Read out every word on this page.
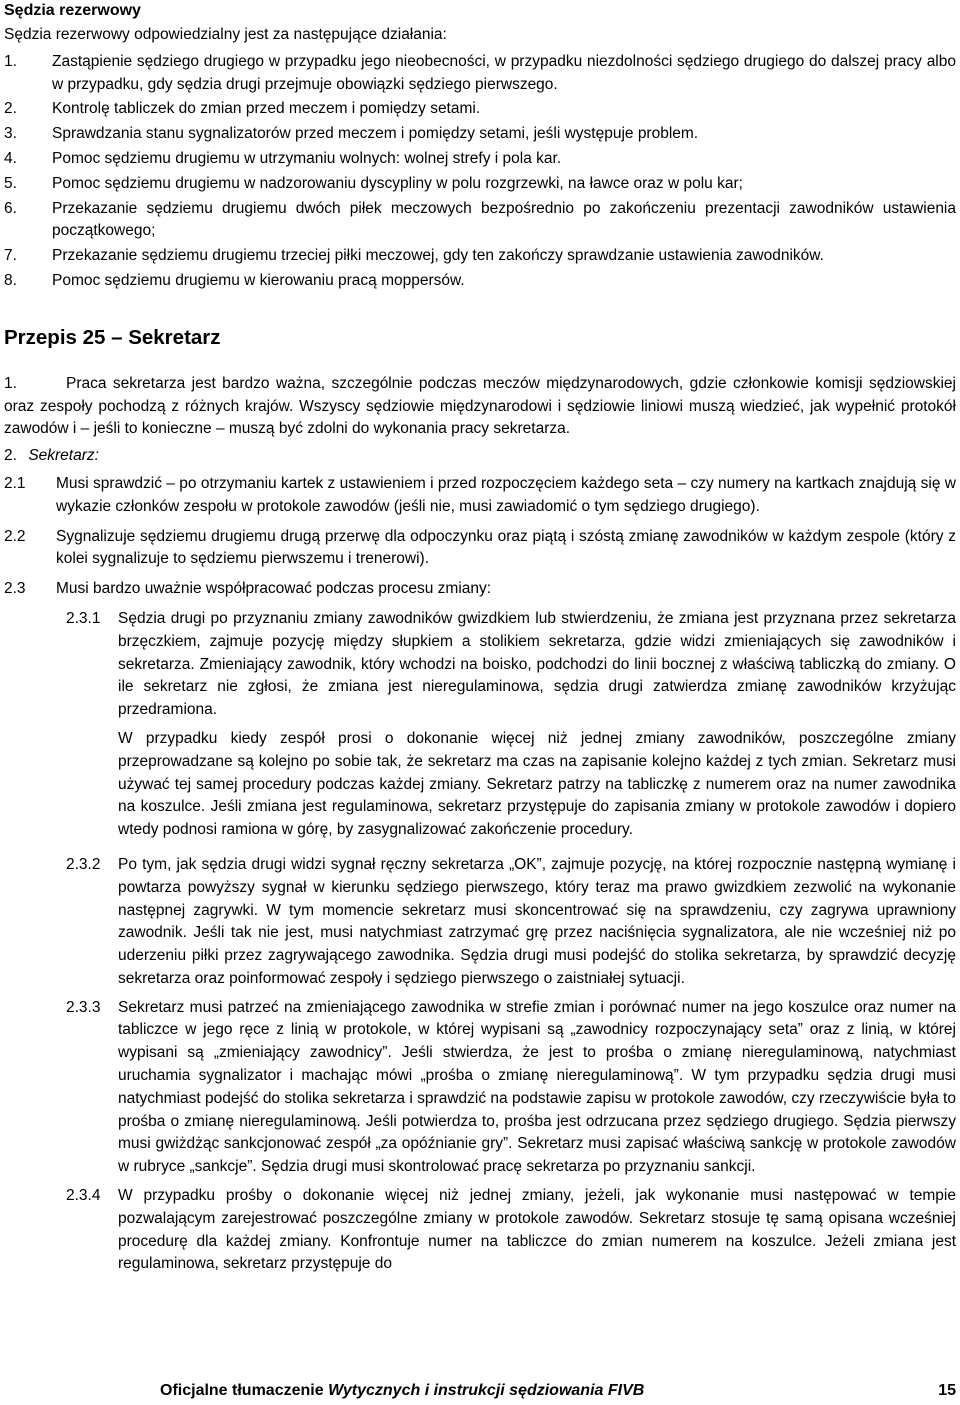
Sędzia rezerwowy
Sędzia rezerwowy odpowiedzialny jest za następujące działania:
1.	Zastąpienie sędziego drugiego w przypadku jego nieobecności, w przypadku niezdolności sędziego drugiego do dalszej pracy albo w przypadku, gdy sędzia drugi przejmuje obowiązki sędziego pierwszego.
2.	Kontrolę tabliczek do zmian przed meczem i pomiędzy setami.
3.	Sprawdzania stanu sygnalizatorów przed meczem i pomiędzy setami, jeśli występuje problem.
4.	Pomoc sędziemu drugiemu w utrzymaniu wolnych: wolnej strefy i pola kar.
5.	Pomoc sędziemu drugiemu w nadzorowaniu dyscypliny w polu rozgrzewki, na ławce oraz w polu kar;
6.	Przekazanie sędziemu drugiemu dwóch piłek meczowych bezpośrednio po zakończeniu prezentacji zawodników ustawienia początkowego;
7.	Przekazanie sędziemu drugiemu trzeciej piłki meczowej, gdy ten zakończy sprawdzanie ustawienia zawodników.
8.	Pomoc sędziemu drugiemu w kierowaniu pracą moppersów.
Przepis 25 – Sekretarz

1.	Praca sekretarza jest bardzo ważna, szczególnie podczas meczów międzynarodowych, gdzie członkowie komisji sędziowskiej oraz zespoły pochodzą z różnych krajów. Wszyscy sędziowie międzynarodowi i sędziowie liniowi muszą wiedzieć, jak wypełnić protokół zawodów i – jeśli to konieczne – muszą być zdolni do wykonania pracy sekretarza.

2. Sekretarz:
2.1	Musi sprawdzić – po otrzymaniu kartek z ustawieniem i przed rozpoczęciem każdego seta – czy numery na kartkach znajdują się w wykazie członków zespołu w protokole zawodów (jeśli nie, musi zawiadomić o tym sędziego drugiego).
2.2	Sygnalizuje sędziemu drugiemu drugą przerwę dla odpoczynku oraz piątą i szóstą zmianę zawodników w każdym zespole (który z kolei sygnalizuje to sędziemu pierwszemu i trenerowi).
2.3	Musi bardzo uważnie współpracować podczas procesu zmiany:
2.3.1	Sędzia drugi po przyznaniu zmiany zawodników gwizdkiem lub stwierdzeniu, że zmiana jest przyznana przez sekretarza brzęczkiem, zajmuje pozycję między słupkiem a stolikiem sekretarza, gdzie widzi zmieniających się zawodników i sekretarza. Zmieniający zawodnik, który wchodzi na boisko, podchodzi do linii bocznej z właściwą tabliczką do zmiany. O ile sekretarz nie zgłosi, że zmiana jest nieregulaminowa, sędzia drugi zatwierdza zmianę zawodników krzyżując przedramiona.

W przypadku kiedy zespół prosi o dokonanie więcej niż jednej zmiany zawodników, poszczególne zmiany przeprowadzane są kolejno po sobie tak, że sekretarz ma czas na zapisanie kolejno każdej z tych zmian. Sekretarz musi używać tej samej procedury podczas każdej zmiany. Sekretarz patrzy na tabliczkę z numerem oraz na numer zawodnika na koszulce. Jeśli zmiana jest regulaminowa, sekretarz przystępuje do zapisania zmiany w protokole zawodów i dopiero wtedy podnosi ramiona w górę, by zasygnalizować zakończenie procedury.

2.3.2	Po tym, jak sędzia drugi widzi sygnał ręczny sekretarza „OK”, zajmuje pozycję, na której rozpocznie następną wymianę i powtarza powyższy sygnał w kierunku sędziego pierwszego, który teraz ma prawo gwizdkiem zezwolić na wykonanie następnej zagrywki. W tym momencie sekretarz musi skoncentrować się na sprawdzeniu, czy zagrywa uprawniony zawodnik. Jeśli tak nie jest, musi natychmiast zatrzymać grę przez naciśnięcia sygnalizatora, ale nie wcześniej niż po uderzeniu piłki przez zagrywającego zawodnika. Sędzia drugi musi podejść do stolika sekretarza, by sprawdzić decyzję sekretarza oraz poinformować zespoły i sędziego pierwszego o zaistniałej sytuacji.
2.3.3	Sekretarz musi patrzeć na zmieniającego zawodnika w strefie zmian i porównać numer na jego koszulce oraz numer na tabliczce w jego ręce z linią w protokole, w której wypisani są „zawodnicy rozpoczynający seta” oraz z linią, w której wypisani są „zmieniający zawodnicy”. Jeśli stwierdza, że jest to prośba o zmianę nieregulaminową, natychmiast uruchamia sygnalizator i machając mówi „prośba o zmianę nieregulaminową”. W tym przypadku sędzia drugi musi natychmiast podejść do stolika sekretarza i sprawdzić na podstawie zapisu w protokole zawodów, czy rzeczywiście była to prośba o zmianę nieregulaminową. Jeśli potwierdza to, prośba jest odrzucana przez sędziego drugiego. Sędzia pierwszy musi gwiżdżąc sankcjonować zespół „za opóźnianie gry”. Sekretarz musi zapisać właściwą sankcję w protokole zawodów w rubryce „sankcje”. Sędzia drugi musi skontrolować pracę sekretarza po przyznaniu sankcji.
2.3.4	W przypadku prośby o dokonanie więcej niż jednej zmiany, jeżeli, jak wykonanie musi następować w tempie pozwalającym zarejestrować poszczególne zmiany w protokole zawodów. Sekretarz stosuje tę samą opisana wcześniej procedurę dla każdej zmiany. Konfrontuje numer na tabliczce do zmian numerem na koszulce. Jeżeli zmiana jest regulaminowa, sekretarz przystępuje do
Oficjalne tłumaczenie Wytycznych i instrukcji sędziowania FIVB	15
